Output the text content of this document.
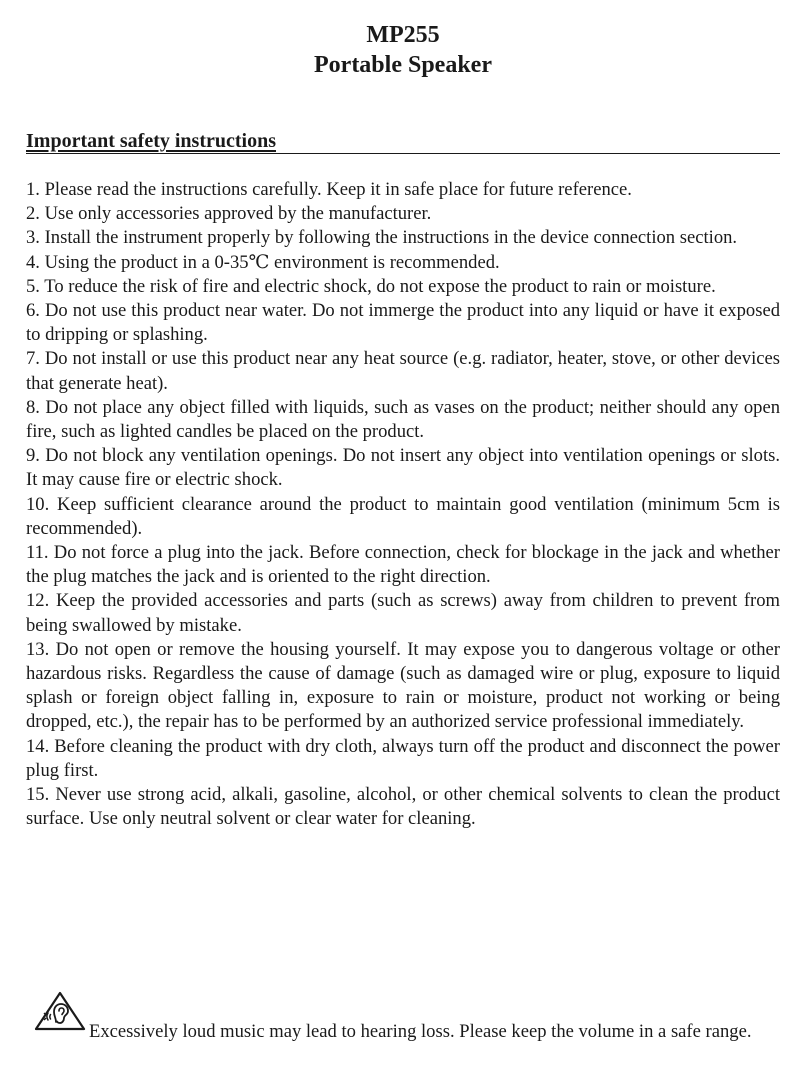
MP255
Portable Speaker
Important safety instructions

1. Please read the instructions carefully. Keep it in safe place for future reference.

2. Use only accessories approved by the manufacturer.

3. Install the instrument properly by following the instructions in the device connection section.

4. Using the product in a 0-35℃ environment is recommended.

5. To reduce the risk of fire and electric shock, do not expose the product to rain or moisture.

6. Do not use this product near water. Do not immerge the product into any liquid or have it exposed to dripping or splashing.

7. Do not install or use this product near any heat source (e.g. radiator, heater, stove, or other devices that generate heat).

8. Do not place any object filled with liquids, such as vases on the product; neither should any open fire, such as lighted candles be placed on the product.

9. Do not block any ventilation openings. Do not insert any object into ventilation openings or slots. It may cause fire or electric shock.

10. Keep sufficient clearance around the product to maintain good ventilation (minimum 5cm is recommended).

11. Do not force a plug into the jack. Before connection, check for blockage in the jack and whether the plug matches the jack and is oriented to the right direction.

12. Keep the provided accessories and parts (such as screws) away from children to prevent from being swallowed by mistake.

13. Do not open or remove the housing yourself. It may expose you to dangerous voltage or other hazardous risks. Regardless the cause of damage (such as damaged wire or plug, exposure to liquid splash or foreign object falling in, exposure to rain or moisture, product not working or being dropped, etc.), the repair has to be performed by an authorized service professional immediately.

14. Before cleaning the product with dry cloth, always turn off the product and disconnect the power plug first.

15. Never use strong acid, alkali, gasoline, alcohol, or other chemical solvents to clean the product surface. Use only neutral solvent or clear water for cleaning.

Excessively loud music may lead to hearing loss. Please keep the volume in a safe range.
